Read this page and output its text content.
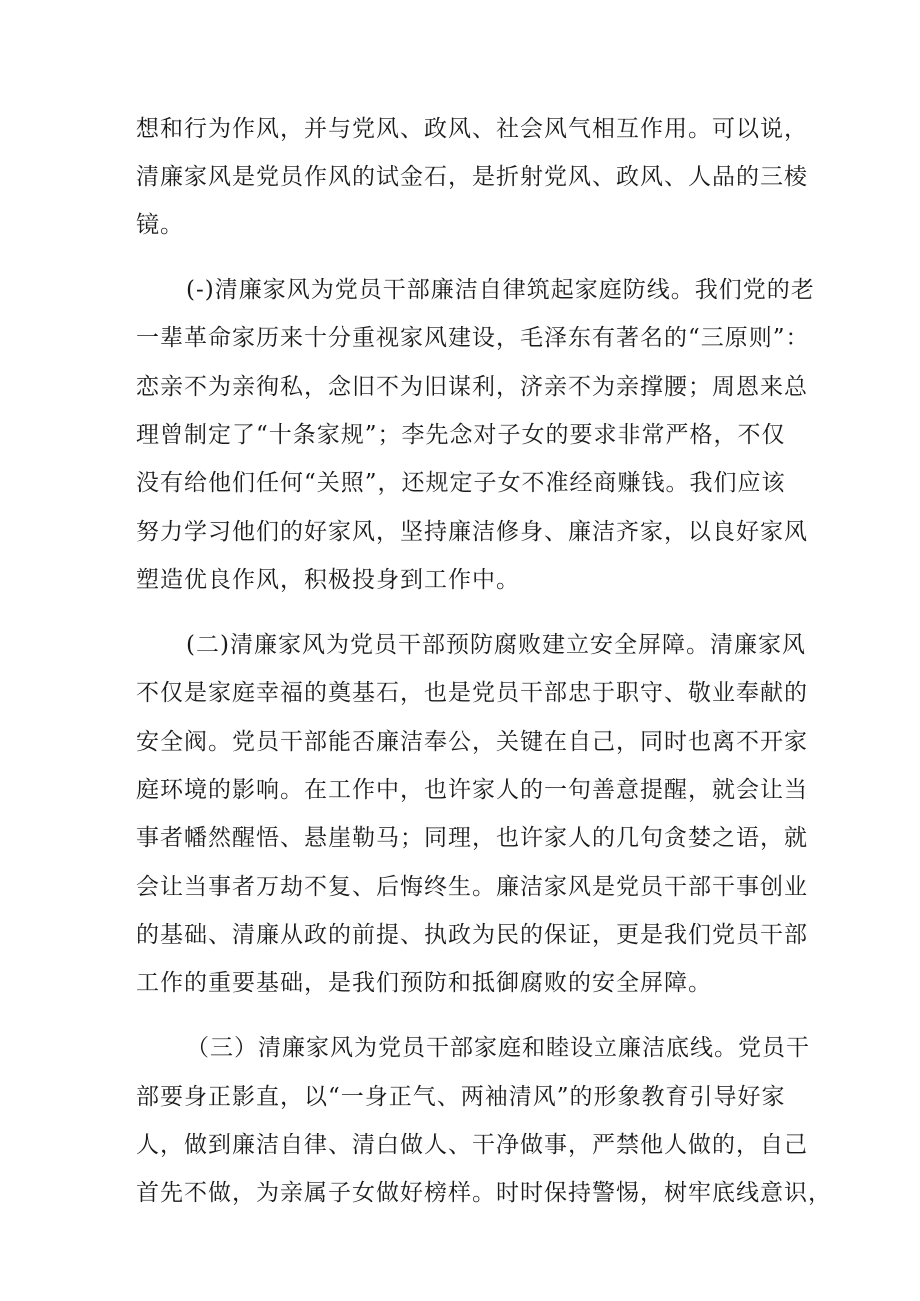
想和行为作风，并与党风、政风、社会风气相互作用。可以说，

清廉家风是党员作风的试金石，是折射党风、政风、人品的三棱

镜。

(-)清廉家风为党员干部廉洁自律筑起家庭防线。我们党的老

一辈革命家历来十分重视家风建设，毛泽东有著名的“三原则”：

恋亲不为亲徇私，念旧不为旧谋利，济亲不为亲撑腰；周恩来总

理曾制定了“十条家规”；李先念对子女的要求非常严格，不仅

没有给他们任何“关照”，还规定子女不准经商赚钱。我们应该

努力学习他们的好家风，坚持廉洁修身、廉洁齐家，以良好家风

塑造优良作风，积极投身到工作中。

(二)清廉家风为党员干部预防腐败建立安全屏障。清廉家风

不仅是家庭幸福的奠基石，也是党员干部忠于职守、敬业奉献的

安全阀。党员干部能否廉洁奉公，关键在自己，同时也离不开家

庭环境的影响。在工作中，也许家人的一句善意提醒，就会让当

事者幡然醒悟、悬崖勒马；同理，也许家人的几句贪婪之语，就

会让当事者万劫不复、后悔终生。廉洁家风是党员干部干事创业

的基础、清廉从政的前提、执政为民的保证，更是我们党员干部

工作的重要基础，是我们预防和抵御腐败的安全屏障。

（三）清廉家风为党员干部家庭和睦设立廉洁底线。党员干

部要身正影直，以“一身正气、两袖清风”的形象教育引导好家

人，做到廉洁自律、清白做人、干净做事，严禁他人做的，自己

首先不做，为亲属子女做好榜样。时时保持警惕，树牢底线意识，
